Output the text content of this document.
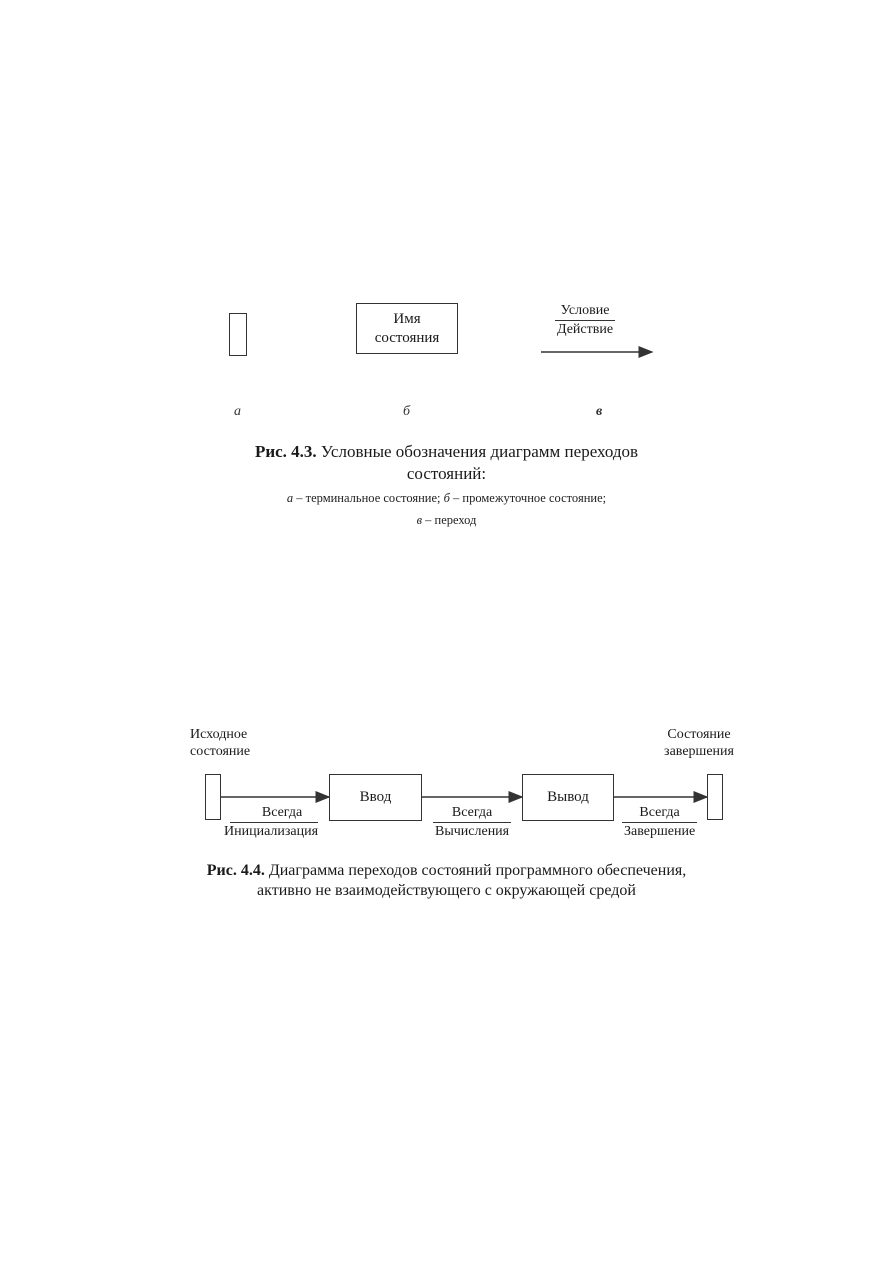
Имя
состояния
Условие
Действие
а	б	в
Рис. 4.3. Условные обозначения диаграмм переходов
состояний:
а – терминальное состояние; б – промежуточное состояние;
в – переход
Исходное
состояние
Состояние
завершения
Ввод	Вывод
Всегда
Инициализация
Всегда
Вычисления
Всегда
Завершение
Рис. 4.4. Диаграмма переходов состояний программного обеспечения,
активно не взаимодействующего с окружающей средой
